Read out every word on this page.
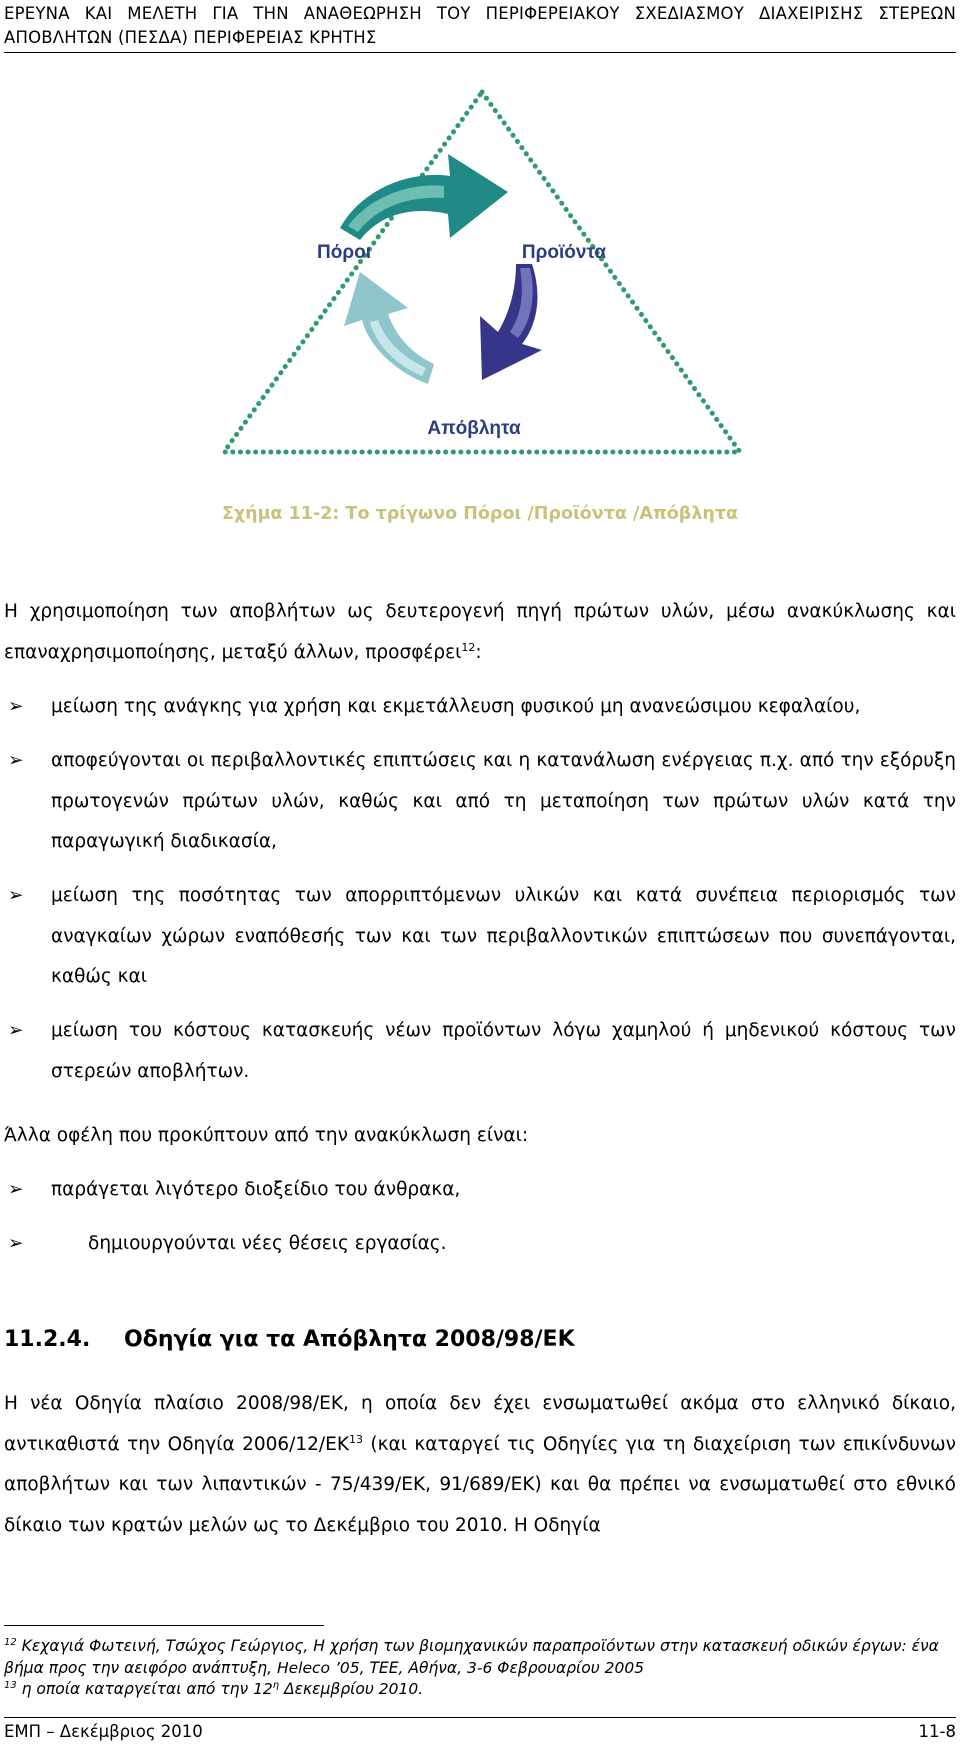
ΕΡΕΥΝΑ ΚΑΙ ΜΕΛΕΤΗ ΓΙΑ ΤΗΝ ΑΝΑΘΕΩΡΗΣΗ ΤΟΥ ΠΕΡΙΦΕΡΕΙΑΚΟΥ ΣΧΕΔΙΑΣΜΟΥ ΔΙΑΧΕΙΡΙΣΗΣ ΣΤΕΡΕΩΝ ΑΠΟΒΛΗΤΩΝ (ΠΕΣΔΑ) ΠΕΡΙΦΕΡΕΙΑΣ ΚΡΗΤΗΣ
Πόροι	Προϊόντα
Απόβλητα
Σχήμα 11-2: Το τρίγωνο Πόροι /Προϊόντα /Απόβλητα
Η χρησιμοποίηση των αποβλήτων ως δευτερογενή πηγή πρώτων υλών, μέσω ανακύκλωσης και επαναχρησιμοποίησης, μεταξύ άλλων, προσφέρει$^{12}$:
➢ μείωση της ανάγκης για χρήση και εκμετάλλευση φυσικού μη ανανεώσιμου κεφαλαίου,
➢ αποφεύγονται οι περιβαλλοντικές επιπτώσεις και η κατανάλωση ενέργειας π.χ. από την εξόρυξη πρωτογενών πρώτων υλών, καθώς και από τη μεταποίηση των πρώτων υλών κατά την παραγωγική διαδικασία,
➢ μείωση της ποσότητας των απορριπτόμενων υλικών και κατά συνέπεια περιορισμός των αναγκαίων χώρων εναπόθεσής των και των περιβαλλοντικών επιπτώσεων που συνεπάγονται, καθώς και
➢ μείωση του κόστους κατασκευής νέων προϊόντων λόγω χαμηλού ή μηδενικού κόστους των στερεών αποβλήτων.
Άλλα οφέλη που προκύπτουν από την ανακύκλωση είναι:
➢ παράγεται λιγότερο διοξείδιο του άνθρακα,
➢	δημιουργούνται νέες θέσεις εργασίας.
11.2.4. Οδηγία για τα Απόβλητα 2008/98/ΕΚ
Η νέα Οδηγία πλαίσιο 2008/98/ΕΚ, η οποία δεν έχει ενσωματωθεί ακόμα στο ελληνικό δίκαιο, αντικαθιστά την Οδηγία 2006/12/ΕΚ$^{13}$ (και καταργεί τις Οδηγίες για τη διαχείριση των επικίνδυνων αποβλήτων και των λιπαντικών - 75/439/ΕΚ, 91/689/ΕΚ) και θα πρέπει να ενσωματωθεί στο εθνικό δίκαιο των κρατών μελών ως το Δεκέμβριο του 2010. Η Οδηγία
$^{12}$ Κεχαγιά Φωτεινή, Τσώχος Γεώργιος, Η χρήση των βιομηχανικών παραπροϊόντων στην κατασκευή οδικών έργων: ένα βήμα προς την αειφόρο ανάπτυξη, Heleco ’05, ΤΕΕ, Αθήνα, 3-6 Φεβρουαρίου 2005
$^{13}$ η οποία καταργείται από την $12^\eta$ Δεκεμβρίου 2010.
ΕΜΠ – Δεκέμβριος 2010	11-8
